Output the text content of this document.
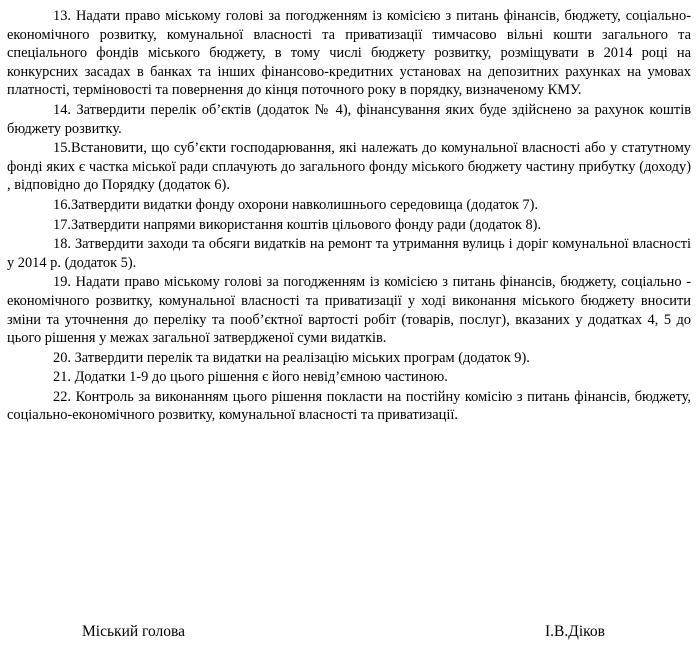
13. Надати право міському голові за погодженням із комісією з питань фінансів, бюджету, соціально- економічного розвитку, комунальної власності та приватизації тимчасово вільні кошти загального та спеціального фондів міського бюджету, в тому числі бюджету розвитку, розміщувати в 2014 році на конкурсних засадах в банках та інших фінансово-кредитних установах на депозитних рахунках на умовах платності, терміновості та повернення до кінця поточного року в порядку, визначеному КМУ.

14. Затвердити перелік об’єктів (додаток № 4), фінансування яких буде здійснено за рахунок коштів бюджету розвитку.

15.Встановити, що суб’єкти господарювання, які належать до комунальної власності або у статутному фонді яких є частка міської ради сплачують до загального фонду міського бюджету частину прибутку (доходу) , відповідно до Порядку (додаток 6).

16.Затвердити видатки фонду охорони навколишнього середовища (додаток 7).

17.Затвердити напрями використання коштів цільового фонду ради (додаток 8).

18. Затвердити заходи та обсяги видатків на ремонт та утримання вулиць і доріг комунальної власності у 2014 р. (додаток 5).

19. Надати право міському голові за погодженням із комісією з питань фінансів, бюджету, соціально - економічного розвитку, комунальної власності та приватизації у ході виконання міського бюджету вносити зміни та уточнення до переліку та пооб’єктної вартості робіт (товарів, послуг), вказаних у додатках 4, 5 до цього рішення у межах загальної затвердженої суми видатків.

20. Затвердити перелік та видатки на реалізацію міських програм (додаток 9).

21. Додатки 1-9 до цього рішення є його невід’ємною частиною.

22. Контроль за виконанням цього рішення покласти на постійну комісію з питань фінансів, бюджету, соціально-економічного розвитку, комунальної власності та приватизації.

Міський голова	І.В.Діков
